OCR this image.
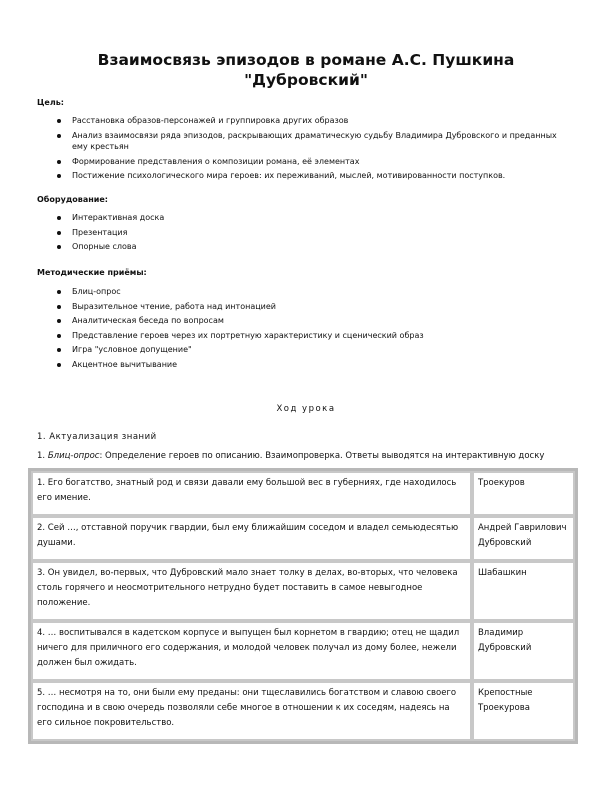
Взаимосвязь эпизодов в романе А.С. Пушкина
"Дубровский"
Цель:
Расстановка образов-персонажей и группировка других образов
Анализ взаимосвязи ряда эпизодов, раскрывающих драматическую судьбу Владимира Дубровского и преданных ему крестьян
Формирование представления о композиции романа, её элементах
Постижение психологического мира героев: их переживаний, мыслей, мотивированности поступков.
Оборудование:
Интерактивная доска
Презентация
Опорные слова
Методические приёмы:
Блиц-опрос
Выразительное чтение, работа над интонацией
Аналитическая беседа по вопросам
Представление героев через их портретную характеристику и сценический образ
Игра "условное допущение"
Акцентное вычитывание
Ход урока
1. Актуализация знаний
1. Блиц-опрос: Определение героев по описанию. Взаимопроверка. Ответы выводятся на интерактивную доску
1. Его богатство, знатный род и связи давали ему большой вес в губерниях, где находилось его имение.	Троекуров
2. Сей …, отставной поручик гвардии, был ему ближайшим соседом и владел семьюдесятью душами.	Андрей Гаврилович Дубровский
3. Он увидел, во-первых, что Дубровский мало знает толку в делах, во-вторых, что человека столь горячего и неосмотрительного нетрудно будет поставить в самое невыгодное положение.	Шабашкин
4. … воспитывался в кадетском корпусе и выпущен был корнетом в гвардию; отец не щадил ничего для приличного его содержания, и молодой человек получал из дому более, нежели должен был ожидать.	Владимир Дубровский
5. … несмотря на то, они были ему преданы: они тщеславились богатством и славою своего господина и в свою очередь позволяли себе многое в отношении к их соседям, надеясь на его сильное покровительство.	Крепостные Троекурова
